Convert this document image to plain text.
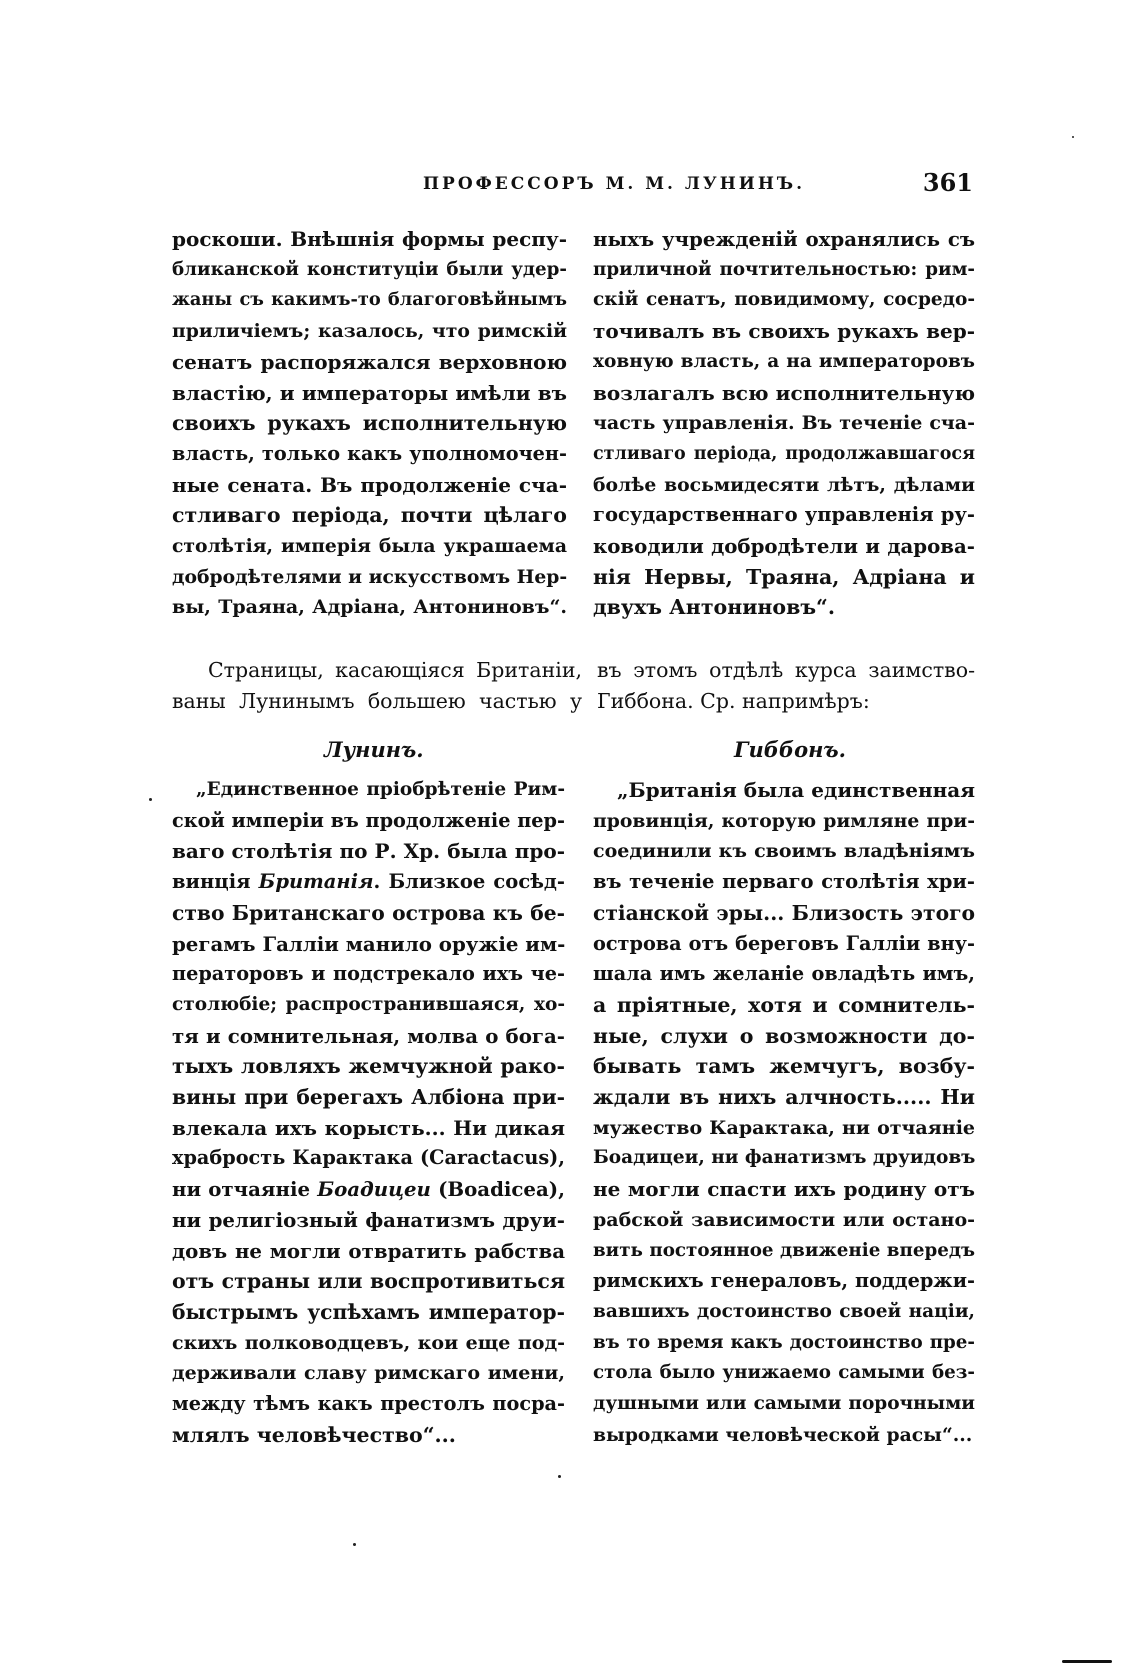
ПРОФЕССОРЪ М. М. ЛУНИНЪ.	361
роскоши. Внѣшнія формы респу-
бликанской конституціи были удер-
жаны съ какимъ-то благоговѣйнымъ
приличіемъ; казалось, что римскій
сенатъ распоряжался верховною
властію, и императоры имѣли въ
своихъ рукахъ исполнительную
власть, только какъ уполномочен-
ные сената. Въ продолженіе сча-
стливаго періода, почти цѣлаго
столѣтія, имперія была украшаема
добродѣтелями и искусствомъ Нер-
вы, Траяна, Адріана, Антониновъ“.
ныхъ учрежденій охранялись съ
приличной почтительностью: рим-
скій сенатъ, повидимому, сосредо-
точивалъ въ своихъ рукахъ вер-
ховную власть, а на императоровъ
возлагалъ всю исполнительную
часть управленія. Въ теченіе сча-
стливаго періода, продолжавшагося
болѣе восьмидесяти лѣтъ, дѣлами
государственнаго управленія ру-
ководили добродѣтели и дарова-
нія Нервы, Траяна, Адріана и
двухъ Антониновъ“.
Страницы, касающіяся Британіи,
ваны Лунинымъ большею частью у
въ этомъ отдѣлѣ курса заимство-
Гиббона. Ср. напримѣръ:
Лунинъ.	Гиббонъ.
„Единственное пріобрѣтеніе Рим-
ской имперіи въ продолженіе пер-
ваго столѣтія по Р. Хр. была про-
винція Британія. Близкое сосѣд-
ство Британскаго острова къ бе-
регамъ Галліи манило оружіе им-
ператоровъ и подстрекало ихъ че-
столюбіе; распространившаяся, хо-
тя и сомнительная, молва о бога-
тыхъ ловляхъ жемчужной рако-
вины при берегахъ Албіона при-
влекала ихъ корысть... Ни дикая
храбрость Карактака (Caractacus),
ни отчаяніе Боадицеи (Boadicea),
ни религіозный фанатизмъ друи-
довъ не могли отвратить рабства
отъ страны или воспротивиться
быстрымъ успѣхамъ император-
скихъ полководцевъ, кои еще под-
держивали славу римскаго имени,
между тѣмъ какъ престолъ посра-
млялъ человѣчество“...
„Британія была единственная
провинція, которую римляне при-
соединили къ своимъ владѣніямъ
въ теченіе перваго столѣтія хри-
стіанской эры... Близость этого
острова отъ береговъ Галліи вну-
шала имъ желаніе овладѣть имъ,
а пріятные, хотя и сомнитель-
ные, слухи о возможности до-
бывать тамъ жемчугъ, возбу-
ждали въ нихъ алчность..... Ни
мужество Карактака, ни отчаяніе
Боадицеи, ни фанатизмъ друидовъ
не могли спасти ихъ родину отъ
рабской зависимости или остано-
вить постоянное движеніе впередъ
римскихъ генераловъ, поддержи-
вавшихъ достоинство своей націи,
въ то время какъ достоинство пре-
стола было унижаемо самыми без-
душными или самыми порочными
выродками человѣческой расы“...
